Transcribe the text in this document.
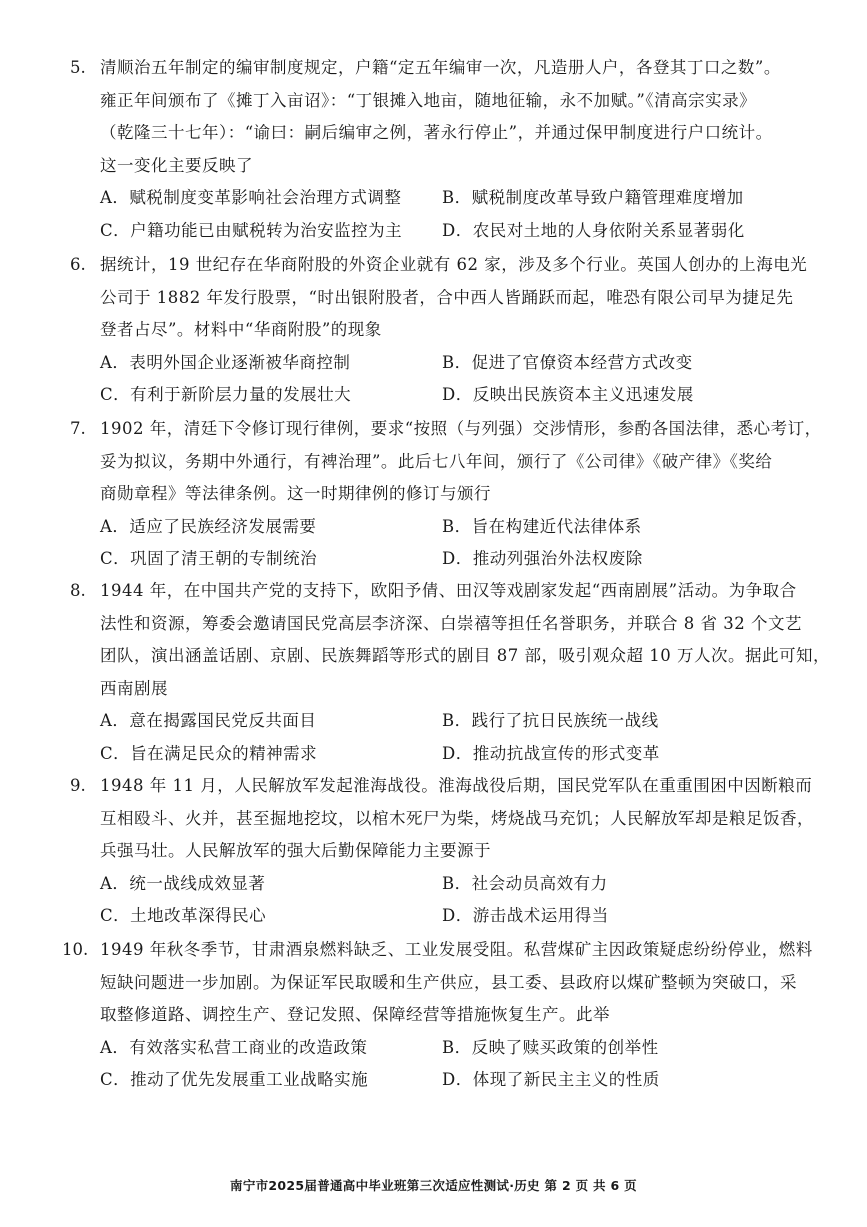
5. 清顺治五年制定的编审制度规定，户籍“定五年编审一次，凡造册人户，各登其丁口之数”。
雍正年间颁布了《摊丁入亩诏》：“丁银摊入地亩，随地征输，永不加赋。”《清高宗实录》
（乾隆三十七年）：“谕曰：嗣后编审之例，著永行停止”，并通过保甲制度进行户口统计。
这一变化主要反映了
A．赋税制度变革影响社会治理方式调整	B．赋税制度改革导致户籍管理难度增加
C．户籍功能已由赋税转为治安监控为主	D．农民对土地的人身依附关系显著弱化
6. 据统计，19 世纪存在华商附股的外资企业就有 62 家，涉及多个行业。英国人创办的上海电光
公司于 1882 年发行股票，“时出银附股者，合中西人皆踊跃而起，唯恐有限公司早为捷足先
登者占尽”。材料中“华商附股”的现象
A．表明外国企业逐渐被华商控制	B．促进了官僚资本经营方式改变
C．有利于新阶层力量的发展壮大	D．反映出民族资本主义迅速发展
7. 1902 年，清廷下令修订现行律例，要求“按照（与列强）交涉情形，参酌各国法律，悉心考订，
妥为拟议，务期中外通行，有裨治理”。此后七八年间，颁行了《公司律》《破产律》《奖给
商勋章程》等法律条例。这一时期律例的修订与颁行
A．适应了民族经济发展需要	B．旨在构建近代法律体系
C．巩固了清王朝的专制统治	D．推动列强治外法权废除
8. 1944 年，在中国共产党的支持下，欧阳予倩、田汉等戏剧家发起“西南剧展”活动。为争取合
法性和资源，筹委会邀请国民党高层李济深、白崇禧等担任名誉职务，并联合 8 省 32 个文艺
团队，演出涵盖话剧、京剧、民族舞蹈等形式的剧目 87 部，吸引观众超 10 万人次。据此可知，
西南剧展
A．意在揭露国民党反共面目	B．践行了抗日民族统一战线
C．旨在满足民众的精神需求	D．推动抗战宣传的形式变革
9. 1948 年 11 月，人民解放军发起淮海战役。淮海战役后期，国民党军队在重重围困中因断粮而
互相殴斗、火并，甚至掘地挖坟，以棺木死尸为柴，烤烧战马充饥；人民解放军却是粮足饭香，
兵强马壮。人民解放军的强大后勤保障能力主要源于
A．统一战线成效显著	B．社会动员高效有力
C．土地改革深得民心	D．游击战术运用得当
10. 1949 年秋冬季节，甘肃酒泉燃料缺乏、工业发展受阻。私营煤矿主因政策疑虑纷纷停业，燃料
短缺问题进一步加剧。为保证军民取暖和生产供应，县工委、县政府以煤矿整顿为突破口，采
取整修道路、调控生产、登记发照、保障经营等措施恢复生产。此举
A．有效落实私营工商业的改造政策	B．反映了赎买政策的创举性
C．推动了优先发展重工业战略实施	D．体现了新民主主义的性质
南宁市2025届普通高中毕业班第三次适应性测试·历史 第 2 页 共 6 页
